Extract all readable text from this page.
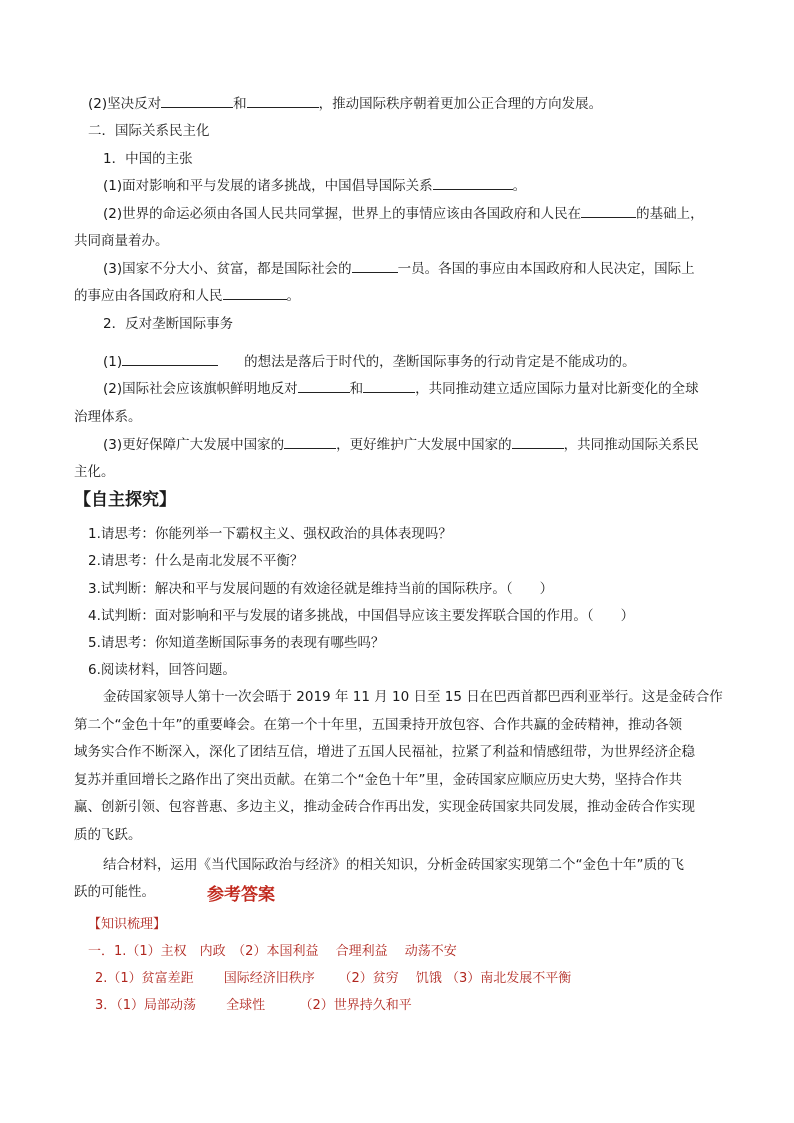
(2)坚决反对	和	，推动国际秩序朝着更加公正合理的方向发展。
二．国际关系民主化
1．中国的主张
(1)面对影响和平与发展的诸多挑战，中国倡导国际关系	。
(2)世界的命运必须由各国人民共同掌握，世界上的事情应该由各国政府和人民在	的基础上，
共同商量着办。
(3)国家不分大小、贫富，都是国际社会的	一员。各国的事应由本国政府和人民决定，国际上
的事应由各国政府和人民	。
2．反对垄断国际事务
(1)	的想法是落后于时代的，垄断国际事务的行动肯定是不能成功的。
(2)国际社会应该旗帜鲜明地反对	和	，共同推动建立适应国际力量对比新变化的全球
治理体系。
(3)更好保障广大发展中国家的	，更好维护广大发展中国家的	，共同推动国际关系民
主化。
【自主探究】
1.请思考：你能列举一下霸权主义、强权政治的具体表现吗？
2.请思考：什么是南北发展不平衡？
3.试判断：解决和平与发展问题的有效途径就是维持当前的国际秩序。（　　）
4.试判断：面对影响和平与发展的诸多挑战，中国倡导应该主要发挥联合国的作用。（　　）
5.请思考：你知道垄断国际事务的表现有哪些吗？
6.阅读材料，回答问题。
金砖国家领导人第十一次会晤于 2019 年 11 月 10 日至 15 日在巴西首都巴西利亚举行。这是金砖合作
第二个“金色十年”的重要峰会。在第一个十年里，五国秉持开放包容、合作共赢的金砖精神，推动各领
域务实合作不断深入，深化了团结互信，增进了五国人民福祉，拉紧了利益和情感纽带，为世界经济企稳
复苏并重回增长之路作出了突出贡献。在第二个“金色十年”里，金砖国家应顺应历史大势，坚持合作共
赢、创新引领、包容普惠、多边主义，推动金砖合作再出发，实现金砖国家共同发展，推动金砖合作实现
质的飞跃。
结合材料，运用《当代国际政治与经济》的相关知识，分析金砖国家实现第二个“金色十年”质的飞
跃的可能性。	参考答案
【知识梳理】
一．1.（1）主权　内政　（2）本国利益　 合理利益　 动荡不安
2.（1）贫富差距　 　国际经济旧秩序　 　（2）贫穷　 饥饿 （3）南北发展不平衡
3．（1）局部动荡　 　全球性　 　 （2）世界持久和平
